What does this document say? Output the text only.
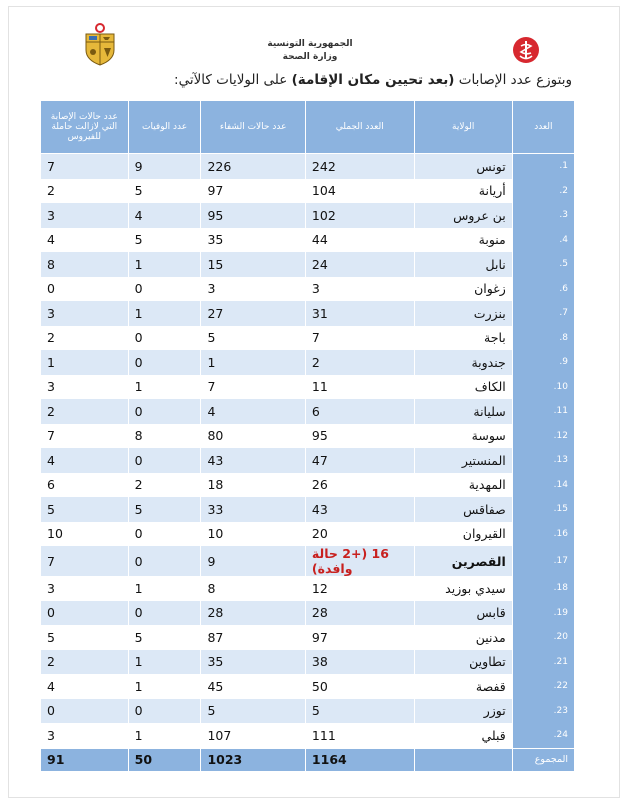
الجمهورية التونسية
وزارة الصحة
وبتوزع عدد الإصابات (بعد تحيين مكان الإقامة) على الولايات كالآتي:
العدد	الولاية	العدد الجملي	عدد حالات الشفاء	عدد الوفيات	عدد حالات الإصابة التي لازالت حاملة للفيروس
1.	تونس	242	226	9	7
2.	أريانة	104	97	5	2
3.	بن عروس	102	95	4	3
4.	منوبة	44	35	5	4
5.	نابل	24	15	1	8
6.	زغوان	3	3	0	0
7.	بنزرت	31	27	1	3
8.	باجة	7	5	0	2
9.	جندوبة	2	1	0	1
10.	الكاف	11	7	1	3
11.	سليانة	6	4	0	2
12.	سوسة	95	80	8	7
13.	المنستير	47	43	0	4
14.	المهدية	26	18	2	6
15.	صفاقس	43	33	5	5
16.	القيروان	20	10	0	10
17.	القصرين	16 (+2 حالة وافدة)	9	0	7
18.	سيدي بوزيد	12	8	1	3
19.	قابس	28	28	0	0
20.	مدنين	97	87	5	5
21.	تطاوين	38	35	1	2
22.	قفصة	50	45	1	4
23.	توزر	5	5	0	0
24.	قبلي	111	107	1	3
المجموع		1164	1023	50	91
